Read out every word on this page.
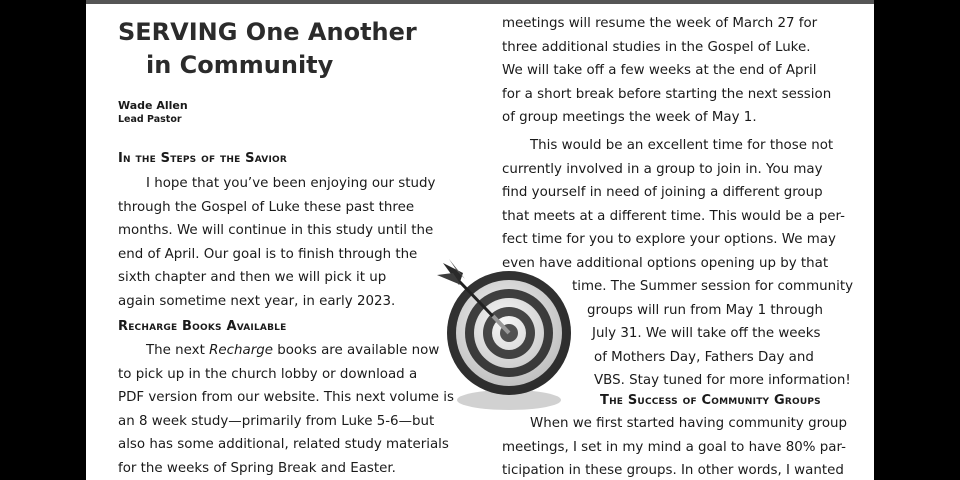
SERVING One Another
in Community
Wade Allen
Lead Pastor
In the Steps of the Savior
I hope that you’ve been enjoying our study
through the Gospel of Luke these past three
months. We will continue in this study until the
end of April. Our goal is to finish through the
sixth chapter and then we will pick it up
again sometime next year, in early 2023.
Recharge Books Available
The next Recharge books are available now
to pick up in the church lobby or download a
PDF version from our website. This next volume is
an 8 week study—primarily from Luke 5-6—but
also has some additional, related study materials
for the weeks of Spring Break and Easter.
meetings will resume the week of March 27 for
three additional studies in the Gospel of Luke.
We will take off a few weeks at the end of April
for a short break before starting the next session
of group meetings the week of May 1.
This would be an excellent time for those not
currently involved in a group to join in. You may
find yourself in need of joining a different group
that meets at a different time. This would be a per-
fect time for you to explore your options. We may
even have additional options opening up by that
time. The Summer session for community
groups will run from May 1 through
July 31. We will take off the weeks
of Mothers Day, Fathers Day and
VBS. Stay tuned for more information!
The Success of Community Groups
When we first started having community group
meetings, I set in my mind a goal to have 80% par-
ticipation in these groups. In other words, I wanted
